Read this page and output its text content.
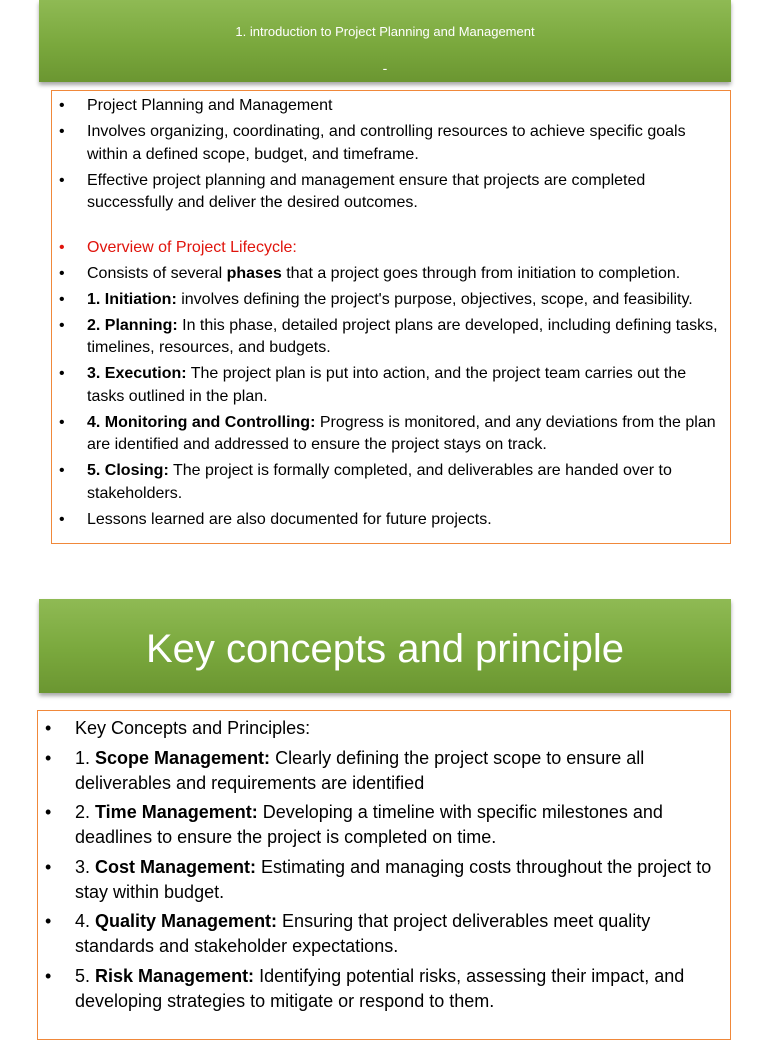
1. introduction to Project Planning and Management
-
• Project Planning and Management
• Involves organizing, coordinating, and controlling resources to achieve specific goals within a defined scope, budget, and timeframe.
• Effective project planning and management ensure that projects are completed successfully and deliver the desired outcomes.
• Overview of Project Lifecycle:
• Consists of several phases that a project goes through from initiation to completion.
• 1. Initiation: involves defining the project's purpose, objectives, scope, and feasibility.
• 2. Planning: In this phase, detailed project plans are developed, including defining tasks, timelines, resources, and budgets.
• 3. Execution: The project plan is put into action, and the project team carries out the tasks outlined in the plan.
• 4. Monitoring and Controlling: Progress is monitored, and any deviations from the plan are identified and addressed to ensure the project stays on track.
• 5. Closing: The project is formally completed, and deliverables are handed over to stakeholders.
• Lessons learned are also documented for future projects.
Key concepts and principle
• Key Concepts and Principles:
• 1. Scope Management: Clearly defining the project scope to ensure all deliverables and requirements are identified
• 2. Time Management: Developing a timeline with specific milestones and deadlines to ensure the project is completed on time.
• 3. Cost Management: Estimating and managing costs throughout the project to stay within budget.
• 4. Quality Management: Ensuring that project deliverables meet quality standards and stakeholder expectations.
• 5. Risk Management: Identifying potential risks, assessing their impact, and developing strategies to mitigate or respond to them.
